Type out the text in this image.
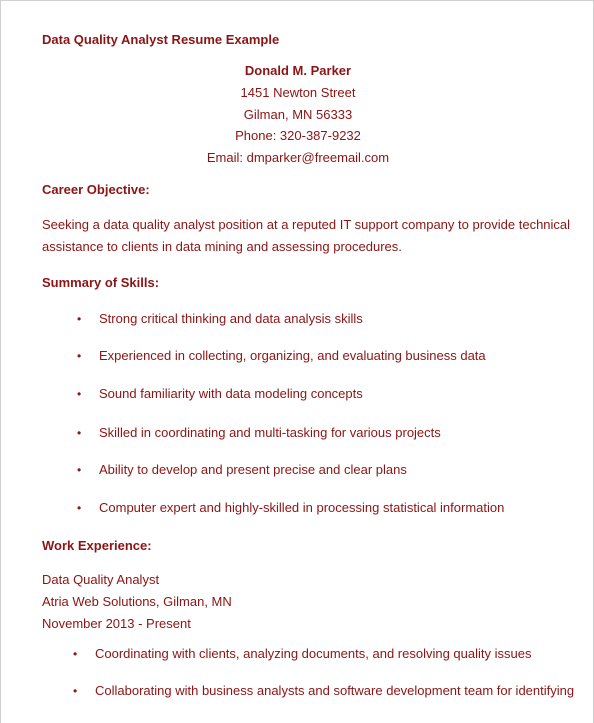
Data Quality Analyst Resume Example
Donald M. Parker
1451 Newton Street
Gilman, MN 56333
Phone: 320-387-9232
Email: dmparker@freemail.com
Career Objective:
Seeking a data quality analyst position at a reputed IT support company to provide technical assistance to clients in data mining and assessing procedures.
Summary of Skills:
• Strong critical thinking and data analysis skills
• Experienced in collecting, organizing, and evaluating business data
• Sound familiarity with data modeling concepts
• Skilled in coordinating and multi-tasking for various projects
• Ability to develop and present precise and clear plans
• Computer expert and highly-skilled in processing statistical information
Work Experience:
Data Quality Analyst
Atria Web Solutions, Gilman, MN
November 2013 - Present
• Coordinating with clients, analyzing documents, and resolving quality issues
• Collaborating with business analysts and software development team for identifying
